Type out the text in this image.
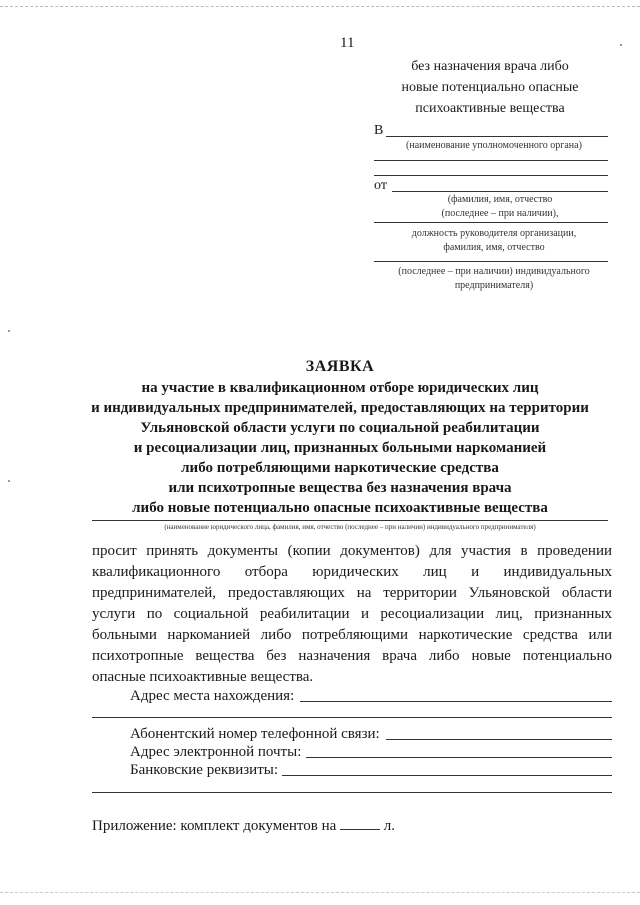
11
без назначения врача либо
новые потенциально опасные
психоактивные вещества
В
(наименование уполномоченного органа)
от
(фамилия, имя, отчество
(последнее – при наличии),
должность руководителя организации,
фамилия, имя, отчество
(последнее – при наличии) индивидуального
предпринимателя)
ЗАЯВКА
на участие в квалификационном отборе юридических лиц
и индивидуальных предпринимателей, предоставляющих на территории
Ульяновской области услуги по социальной реабилитации
и ресоциализации лиц, признанных больными наркоманией
либо потребляющими наркотические средства
или психотропные вещества без назначения врача
либо новые потенциально опасные психоактивные вещества
(наименование юридического лица, фамилия, имя, отчество (последнее – при наличии) индивидуального предпринимателя)
просит принять документы (копии документов) для участия в проведении квалификационного отбора юридических лиц и индивидуальных предпринимателей, предоставляющих на территории Ульяновской области услуги по социальной реабилитации и ресоциализации лиц, признанных больными наркоманией либо потребляющими наркотические средства или психотропные вещества без назначения врача либо новые потенциально опасные психоактивные вещества.
Адрес места нахождения:
Абонентский номер телефонной связи:
Адрес электронной почты:
Банковские реквизиты:
Приложение: комплект документов на	л.
